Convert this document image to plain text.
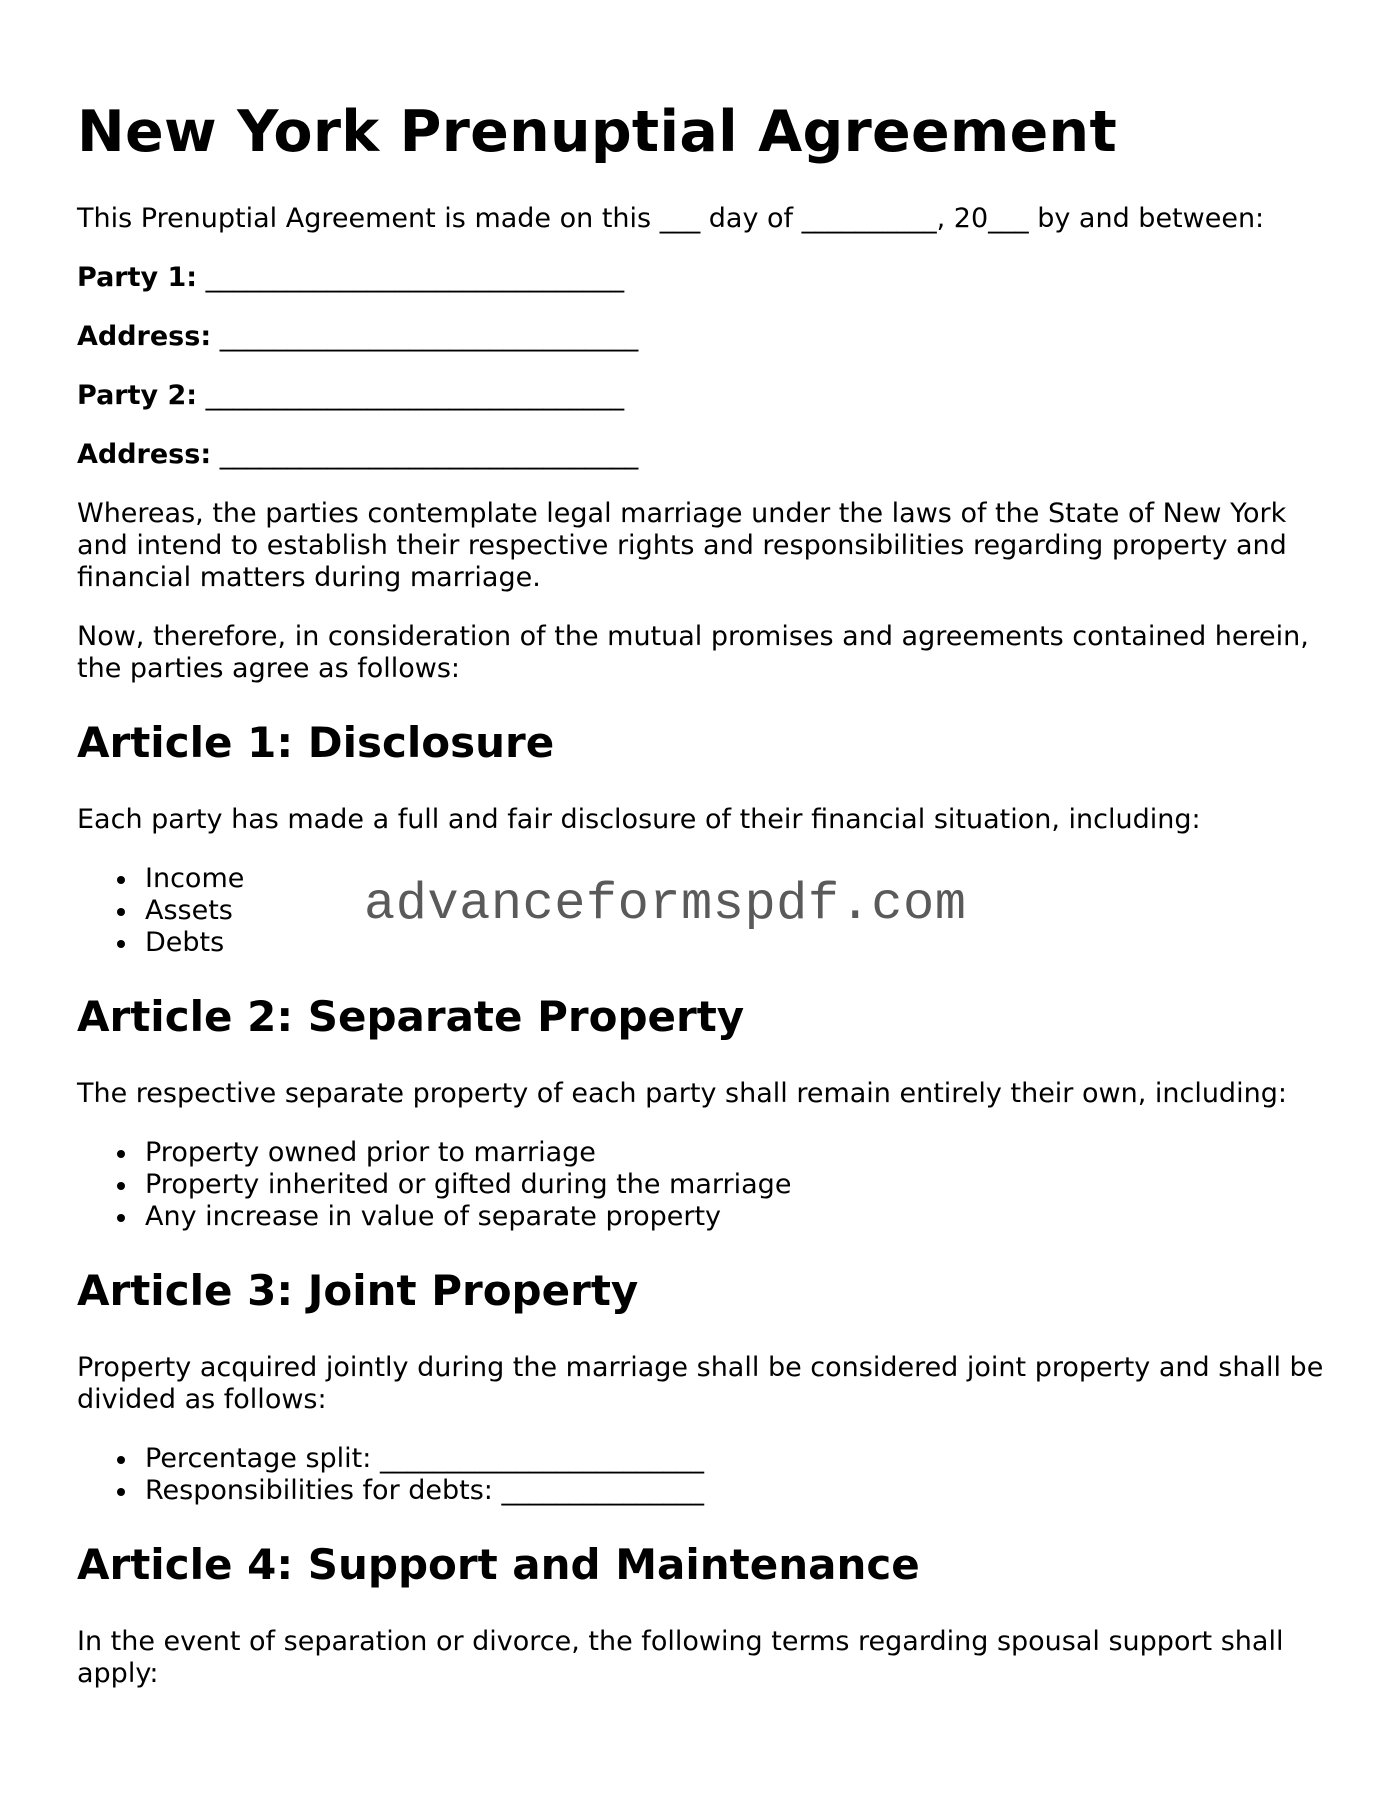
New York Prenuptial Agreement

This Prenuptial Agreement is made on this ___ day of __________, 20___ by and between:

Party 1: _______________________________

Address: _______________________________

Party 2: _______________________________

Address: _______________________________

Whereas, the parties contemplate legal marriage under the laws of the State of New York and intend to establish their respective rights and responsibilities regarding property and financial matters during marriage.

Now, therefore, in consideration of the mutual promises and agreements contained herein, the parties agree as follows:

Article 1: Disclosure

Each party has made a full and fair disclosure of their financial situation, including:

Income
Assets
Debts
Article 2: Separate Property

The respective separate property of each party shall remain entirely their own, including:

Property owned prior to marriage
Property inherited or gifted during the marriage
Any increase in value of separate property
Article 3: Joint Property

Property acquired jointly during the marriage shall be considered joint property and shall be divided as follows:

Percentage split: ________________________
Responsibilities for debts: _______________
Article 4: Support and Maintenance

In the event of separation or divorce, the following terms regarding spousal support shall apply:

advanceformspdf.com
